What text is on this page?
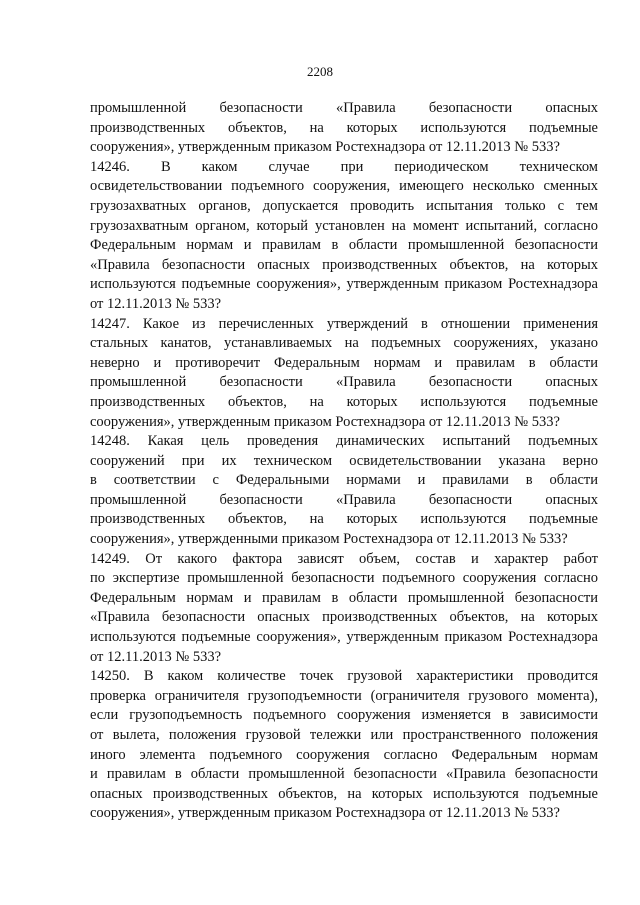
2208
промышленной безопасности «Правила безопасности опасных
производственных объектов, на которых используются подъемные
сооружения», утвержденным приказом Ростехнадзора от 12.11.2013 № 533?
14246. В каком случае при периодическом техническом
освидетельствовании подъемного сооружения, имеющего несколько сменных
грузозахватных органов, допускается проводить испытания только с тем
грузозахватным органом, который установлен на момент испытаний, согласно
Федеральным нормам и правилам в области промышленной безопасности
«Правила безопасности опасных производственных объектов, на которых
используются подъемные сооружения», утвержденным приказом Ростехнадзора
от 12.11.2013 № 533?
14247. Какое из перечисленных утверждений в отношении применения
стальных канатов, устанавливаемых на подъемных сооружениях, указано
неверно и противоречит Федеральным нормам и правилам в области
промышленной безопасности «Правила безопасности опасных
производственных объектов, на которых используются подъемные
сооружения», утвержденным приказом Ростехнадзора от 12.11.2013 № 533?
14248. Какая цель проведения динамических испытаний подъемных
сооружений при их техническом освидетельствовании указана верно
в соответствии с Федеральными нормами и правилами в области
промышленной безопасности «Правила безопасности опасных
производственных объектов, на которых используются подъемные
сооружения», утвержденными приказом Ростехнадзора от 12.11.2013 № 533?
14249. От какого фактора зависят объем, состав и характер работ
по экспертизе промышленной безопасности подъемного сооружения согласно
Федеральным нормам и правилам в области промышленной безопасности
«Правила безопасности опасных производственных объектов, на которых
используются подъемные сооружения», утвержденным приказом Ростехнадзора
от 12.11.2013 № 533?
14250. В каком количестве точек грузовой характеристики проводится
проверка ограничителя грузоподъемности (ограничителя грузового момента),
если грузоподъемность подъемного сооружения изменяется в зависимости
от вылета, положения грузовой тележки или пространственного положения
иного элемента подъемного сооружения согласно Федеральным нормам
и правилам в области промышленной безопасности «Правила безопасности
опасных производственных объектов, на которых используются подъемные
сооружения», утвержденным приказом Ростехнадзора от 12.11.2013 № 533?
